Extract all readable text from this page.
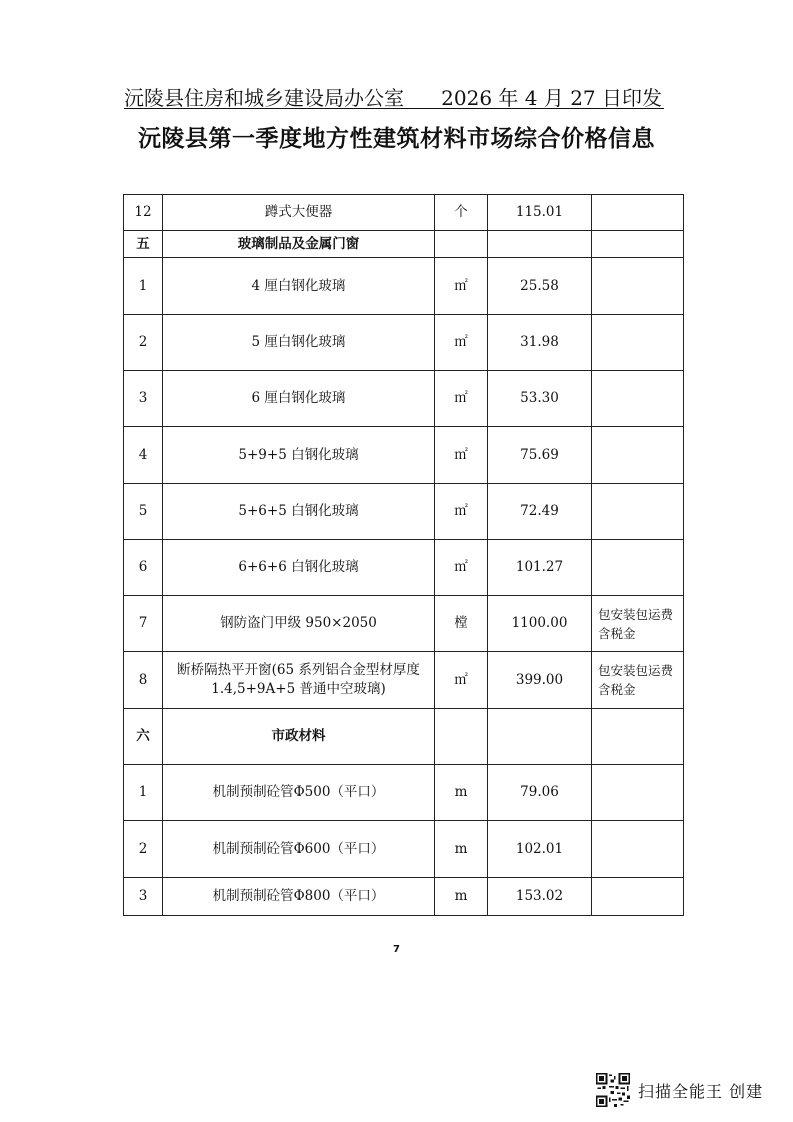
沅陵县住房和城乡建设局办公室 2026 年 4 月 27 日印发
沅陵县第一季度地方性建筑材料市场综合价格信息
12	蹲式大便器	个	115.01	
五	玻璃制品及金属门窗			
1	4 厘白钢化玻璃	㎡	25.58	
2	5 厘白钢化玻璃	㎡	31.98	
3	6 厘白钢化玻璃	㎡	53.30	
4	5+9+5 白钢化玻璃	㎡	75.69	
5	5+6+5 白钢化玻璃	㎡	72.49	
6	6+6+6 白钢化玻璃	㎡	101.27	
7	钢防盗门甲级 950×2050	樘	1100.00	包安装包运费含税金
8	断桥隔热平开窗(65 系列铝合金型材厚度 1.4,5+9A+5 普通中空玻璃)	㎡	399.00	包安装包运费含税金
六	市政材料			
1	机制预制砼管Φ500（平口）	m	79.06	
2	机制预制砼管Φ600（平口）	m	102.01	
3	机制预制砼管Φ800（平口）	m	153.02	
7
扫描全能王 创建
